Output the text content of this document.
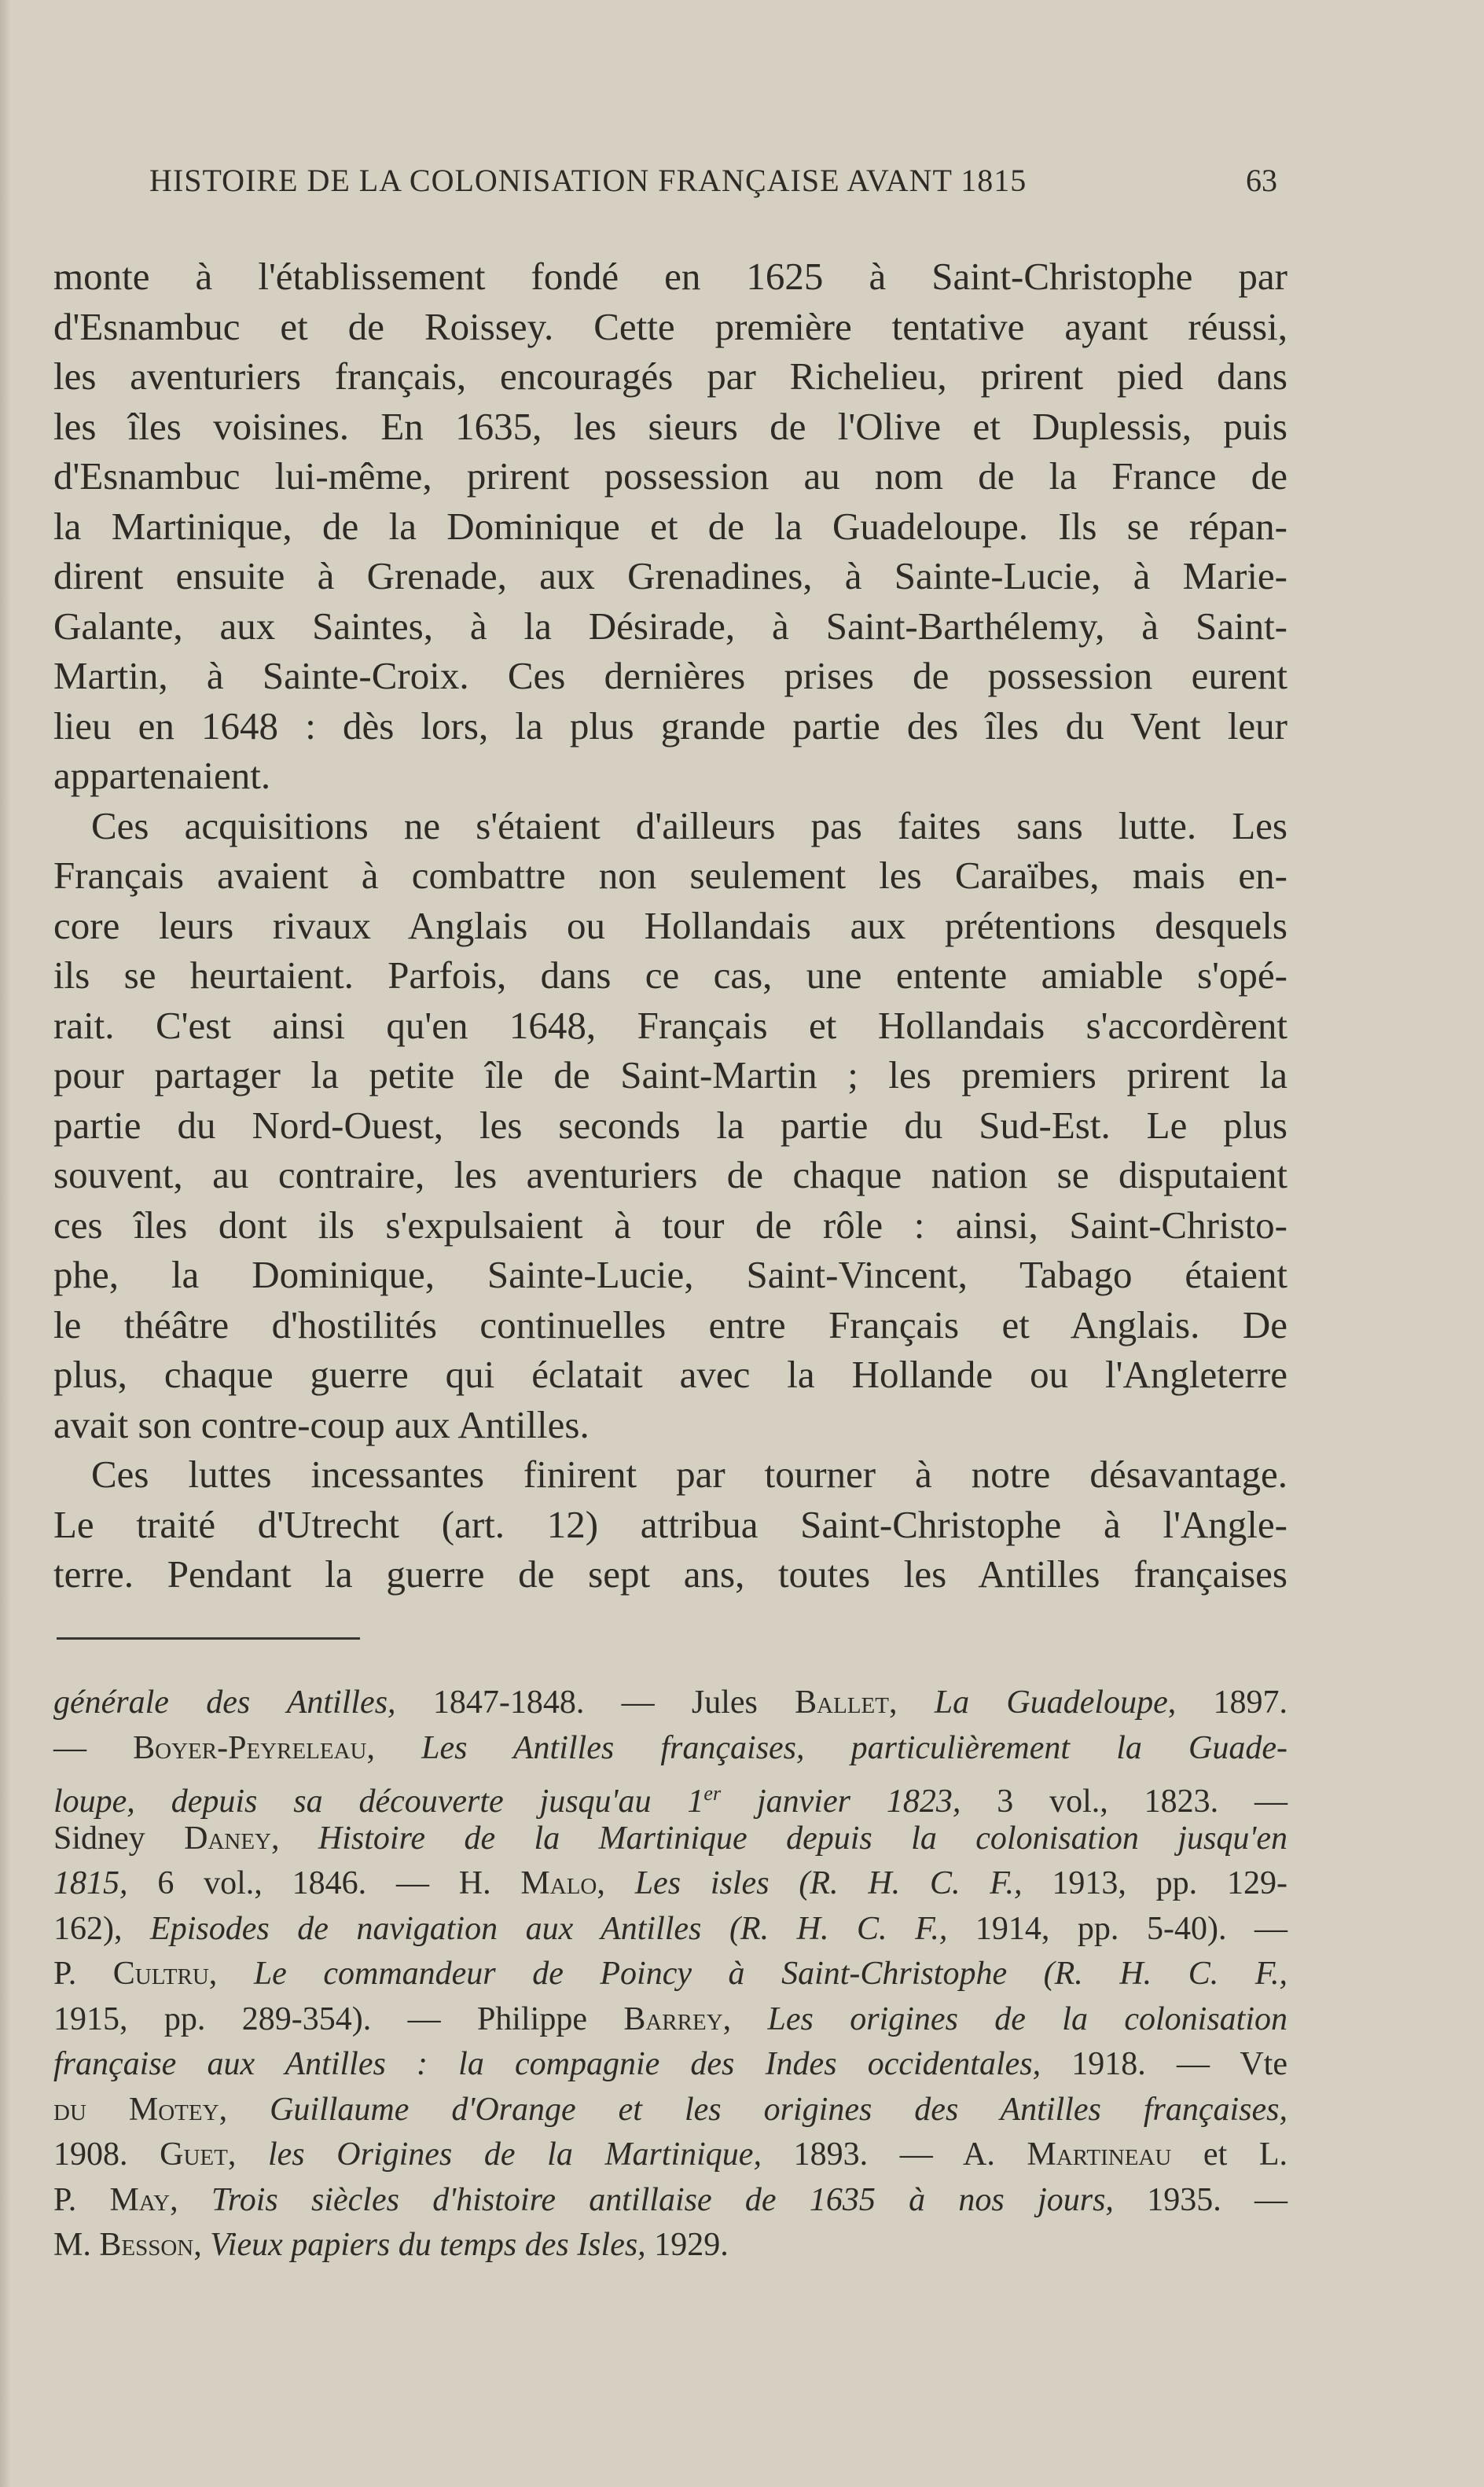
HISTOIRE DE LA COLONISATION FRANÇAISE AVANT 1815	63
monte à l'établissement fondé en 1625 à Saint-Christophe par
d'Esnambuc et de Roissey. Cette première tentative ayant réussi,
les aventuriers français, encouragés par Richelieu, prirent pied dans
les îles voisines. En 1635, les sieurs de l'Olive et Duplessis, puis
d'Esnambuc lui-même, prirent possession au nom de la France de
la Martinique, de la Dominique et de la Guadeloupe. Ils se répan-
dirent ensuite à Grenade, aux Grenadines, à Sainte-Lucie, à Marie-
Galante, aux Saintes, à la Désirade, à Saint-Barthélemy, à Saint-
Martin, à Sainte-Croix. Ces dernières prises de possession eurent
lieu en 1648 : dès lors, la plus grande partie des îles du Vent leur
appartenaient.
Ces acquisitions ne s'étaient d'ailleurs pas faites sans lutte. Les
Français avaient à combattre non seulement les Caraïbes, mais en-
core leurs rivaux Anglais ou Hollandais aux prétentions desquels
ils se heurtaient. Parfois, dans ce cas, une entente amiable s'opé-
rait. C'est ainsi qu'en 1648, Français et Hollandais s'accordèrent
pour partager la petite île de Saint-Martin ; les premiers prirent la
partie du Nord-Ouest, les seconds la partie du Sud-Est. Le plus
souvent, au contraire, les aventuriers de chaque nation se disputaient
ces îles dont ils s'expulsaient à tour de rôle : ainsi, Saint-Christo-
phe, la Dominique, Sainte-Lucie, Saint-Vincent, Tabago étaient
le théâtre d'hostilités continuelles entre Français et Anglais. De
plus, chaque guerre qui éclatait avec la Hollande ou l'Angleterre
avait son contre-coup aux Antilles.
Ces luttes incessantes finirent par tourner à notre désavantage.
Le traité d'Utrecht (art. 12) attribua Saint-Christophe à l'Angle-
terre. Pendant la guerre de sept ans, toutes les Antilles françaises
générale des Antilles, 1847-1848. — Jules Ballet, La Guadeloupe, 1897.
— Boyer-Peyreleau, Les Antilles françaises, particulièrement la Guade-
loupe, depuis sa découverte jusqu'au 1er janvier 1823, 3 vol., 1823. —
Sidney Daney, Histoire de la Martinique depuis la colonisation jusqu'en
1815, 6 vol., 1846. — H. Malo, Les isles (R. H. C. F., 1913, pp. 129-
162), Episodes de navigation aux Antilles (R. H. C. F., 1914, pp. 5-40). —
P. Cultru, Le commandeur de Poincy à Saint-Christophe (R. H. C. F.,
1915, pp. 289-354). — Philippe Barrey, Les origines de la colonisation
française aux Antilles : la compagnie des Indes occidentales, 1918. — Vte
du Motey, Guillaume d'Orange et les origines des Antilles françaises,
1908. Guet, les Origines de la Martinique, 1893. — A. Martineau et L.
P. May, Trois siècles d'histoire antillaise de 1635 à nos jours, 1935. —
M. Besson, Vieux papiers du temps des Isles, 1929.
